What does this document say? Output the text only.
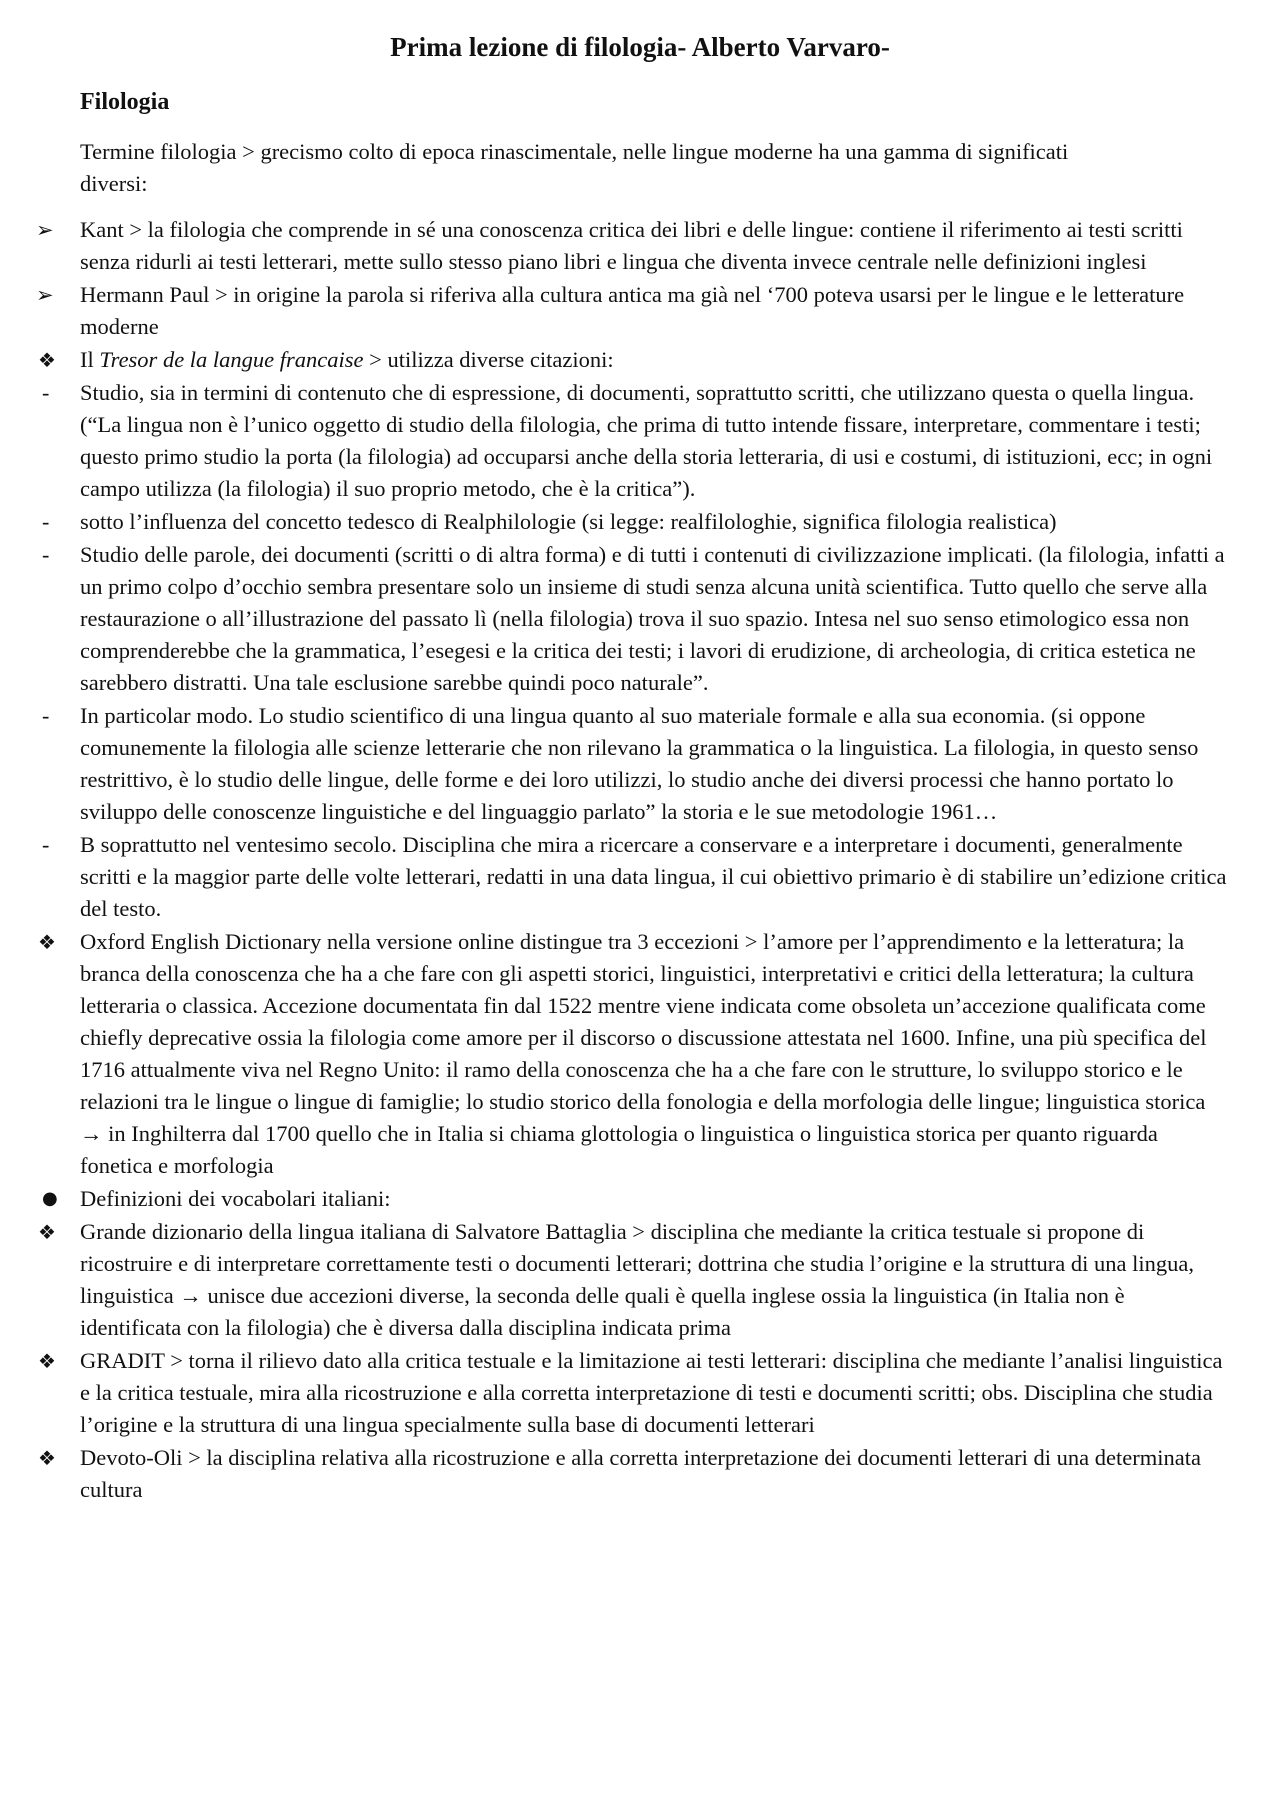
Prima lezione di filologia- Alberto Varvaro-
Filologia
Termine filologia > grecismo colto di epoca rinascimentale, nelle lingue moderne ha una gamma di significati diversi:
➢	Kant > la filologia che comprende in sé una conoscenza critica dei libri e delle lingue: contiene il riferimento ai testi scritti senza ridurli ai testi letterari, mette sullo stesso piano libri e lingua che diventa invece centrale nelle definizioni inglesi
➢	Hermann Paul > in origine la parola si riferiva alla cultura antica ma già nel ‘700 poteva usarsi per le lingue e le letterature moderne
❖	Il Tresor de la langue francaise > utilizza diverse citazioni:
-	Studio, sia in termini di contenuto che di espressione, di documenti, soprattutto scritti, che utilizzano questa o quella lingua. (“La lingua non è l’unico oggetto di studio della filologia, che prima di tutto intende fissare, interpretare, commentare i testi; questo primo studio la porta (la filologia) ad occuparsi anche della storia letteraria, di usi e costumi, di istituzioni, ecc; in ogni campo utilizza (la filologia) il suo proprio metodo, che è la critica”).
-	sotto l’influenza del concetto tedesco di Realphilologie (si legge: realfilologhie, significa filologia realistica)
-	Studio delle parole, dei documenti (scritti o di altra forma) e di tutti i contenuti di civilizzazione implicati. (la filologia, infatti a un primo colpo d’occhio sembra presentare solo un insieme di studi senza alcuna unità scientifica. Tutto quello che serve alla restaurazione o all’illustrazione del passato lì (nella filologia) trova il suo spazio. Intesa nel suo senso etimologico essa non comprenderebbe che la grammatica, l’esegesi e la critica dei testi; i lavori di erudizione, di archeologia, di critica estetica ne sarebbero distratti. Una tale esclusione sarebbe quindi poco naturale”.
-	In particolar modo. Lo studio scientifico di una lingua quanto al suo materiale formale e alla sua economia. (si oppone comunemente la filologia alle scienze letterarie che non rilevano la grammatica o la linguistica. La filologia, in questo senso restrittivo, è lo studio delle lingue, delle forme e dei loro utilizzi, lo studio anche dei diversi processi che hanno portato lo sviluppo delle conoscenze linguistiche e del linguaggio parlato” la storia e le sue metodologie 1961…
-	B soprattutto nel ventesimo secolo. Disciplina che mira a ricercare a conservare e a interpretare i documenti, generalmente scritti e la maggior parte delle volte letterari, redatti in una data lingua, il cui obiettivo primario è di stabilire un’edizione critica del testo.
❖	Oxford English Dictionary nella versione online distingue tra 3 eccezioni > l’amore per l’apprendimento e la letteratura; la branca della conoscenza che ha a che fare con gli aspetti storici, linguistici, interpretativi e critici della letteratura; la cultura letteraria o classica. Accezione documentata fin dal 1522 mentre viene indicata come obsoleta un’accezione qualificata come chiefly deprecative ossia la filologia come amore per il discorso o discussione attestata nel 1600. Infine, una più specifica del 1716 attualmente viva nel Regno Unito: il ramo della conoscenza che ha a che fare con le strutture, lo sviluppo storico e le relazioni tra le lingue o lingue di famiglie; lo studio storico della fonologia e della morfologia delle lingue; linguistica storica → in Inghilterra dal 1700 quello che in Italia si chiama glottologia o linguistica o linguistica storica per quanto riguarda fonetica e morfologia
● Definizioni dei vocabolari italiani:
❖	Grande dizionario della lingua italiana di Salvatore Battaglia > disciplina che mediante la critica testuale si propone di ricostruire e di interpretare correttamente testi o documenti letterari; dottrina che studia l’origine e la struttura di una lingua, linguistica → unisce due accezioni diverse, la seconda delle quali è quella inglese ossia la linguistica (in Italia non è identificata con la filologia) che è diversa dalla disciplina indicata prima
❖	GRADIT > torna il rilievo dato alla critica testuale e la limitazione ai testi letterari: disciplina che mediante l’analisi linguistica e la critica testuale, mira alla ricostruzione e alla corretta interpretazione di testi e documenti scritti; obs. Disciplina che studia l’origine e la struttura di una lingua specialmente sulla base di documenti letterari
❖	Devoto-Oli > la disciplina relativa alla ricostruzione e alla corretta interpretazione dei documenti letterari di una determinata cultura
